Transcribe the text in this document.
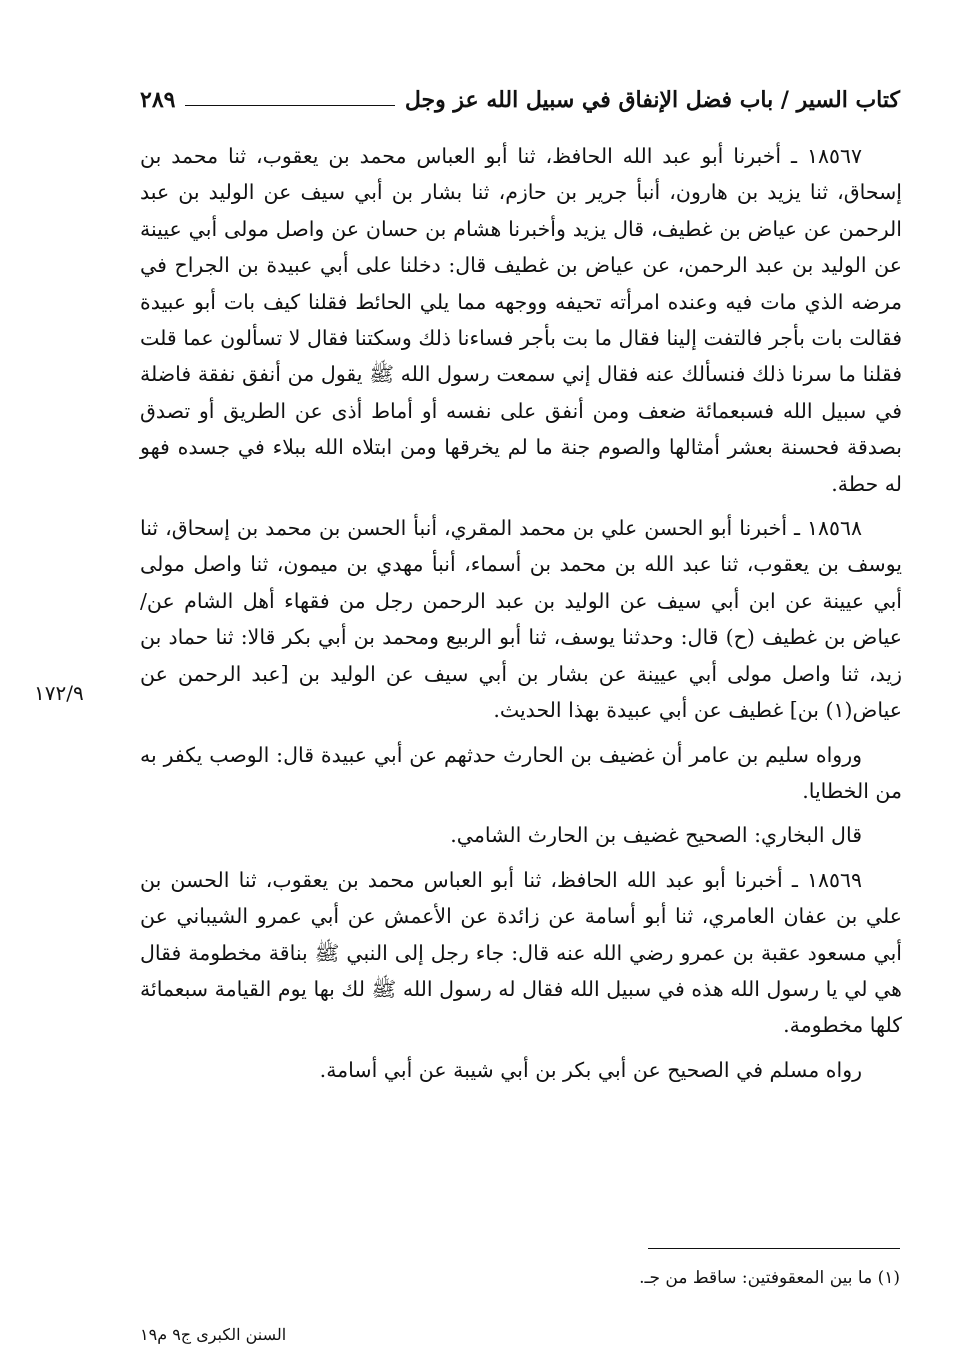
كتاب السير / باب فضل الإنفاق في سبيل الله عز وجل
٢٨٩

١٨٥٦٧ ـ أخبرنا أبو عبد الله الحافظ، ثنا أبو العباس محمد بن يعقوب، ثنا محمد بن إسحاق، ثنا يزيد بن هارون، أنبأ جرير بن حازم، ثنا بشار بن أبي سيف عن الوليد بن عبد الرحمن عن عياض بن غطيف، قال يزيد وأخبرنا هشام بن حسان عن واصل مولى أبي عيينة عن الوليد بن عبد الرحمن، عن عياض بن غطيف قال: دخلنا على أبي عبيدة بن الجراح في مرضه الذي مات فيه وعنده امرأته تحيفه ووجهه مما يلي الحائط فقلنا كيف بات أبو عبيدة فقالت بات بأجر فالتفت إلينا فقال ما بت بأجر فساءنا ذلك وسكتنا فقال لا تسألون عما قلت فقلنا ما سرنا ذلك فنسألك عنه فقال إني سمعت رسول الله ﷺ يقول من أنفق نفقة فاضلة في سبيل الله فسبعمائة ضعف ومن أنفق على نفسه أو أماط أذى عن الطريق أو تصدق بصدقة فحسنة بعشر أمثالها والصوم جنة ما لم يخرقها ومن ابتلاه الله ببلاء في جسده فهو له حطة.

١٨٥٦٨ ـ أخبرنا أبو الحسن علي بن محمد المقري، أنبأ الحسن بن محمد بن إسحاق، ثنا يوسف بن يعقوب، ثنا عبد الله بن محمد بن أسماء، أنبأ مهدي بن ميمون، ثنا واصل مولى أبي عيينة عن ابن أبي سيف عن الوليد بن عبد الرحمن رجل من فقهاء أهل الشام عن/ عياض بن غطيف (ح) قال: وحدثنا يوسف، ثنا أبو الربيع ومحمد بن أبي بكر قالا: ثنا حماد بن زيد، ثنا واصل مولى أبي عيينة عن بشار بن أبي سيف عن الوليد بن [عبد الرحمن عن عياض(١) بن] غطيف عن أبي عبيدة بهذا الحديث.

ورواه سليم بن عامر أن غضيف بن الحارث حدثهم عن أبي عبيدة قال: الوصب يكفر به من الخطايا.

قال البخاري: الصحيح غضيف بن الحارث الشامي.

١٨٥٦٩ ـ أخبرنا أبو عبد الله الحافظ، ثنا أبو العباس محمد بن يعقوب، ثنا الحسن بن علي بن عفان العامري، ثنا أبو أسامة عن زائدة عن الأعمش عن أبي عمرو الشيباني عن أبي مسعود عقبة بن عمرو رضي الله عنه قال: جاء رجل إلى النبي ﷺ بناقة مخطومة فقال هي لي يا رسول الله هذه في سبيل الله فقال له رسول الله ﷺ لك بها يوم القيامة سبعمائة كلها مخطومة.

رواه مسلم في الصحيح عن أبي بكر بن أبي شيبة عن أبي أسامة.

١٧٢/٩
(١) ما بين المعقوفتين: ساقط من جـ.
السنن الكبرى ج٩ م١٩
